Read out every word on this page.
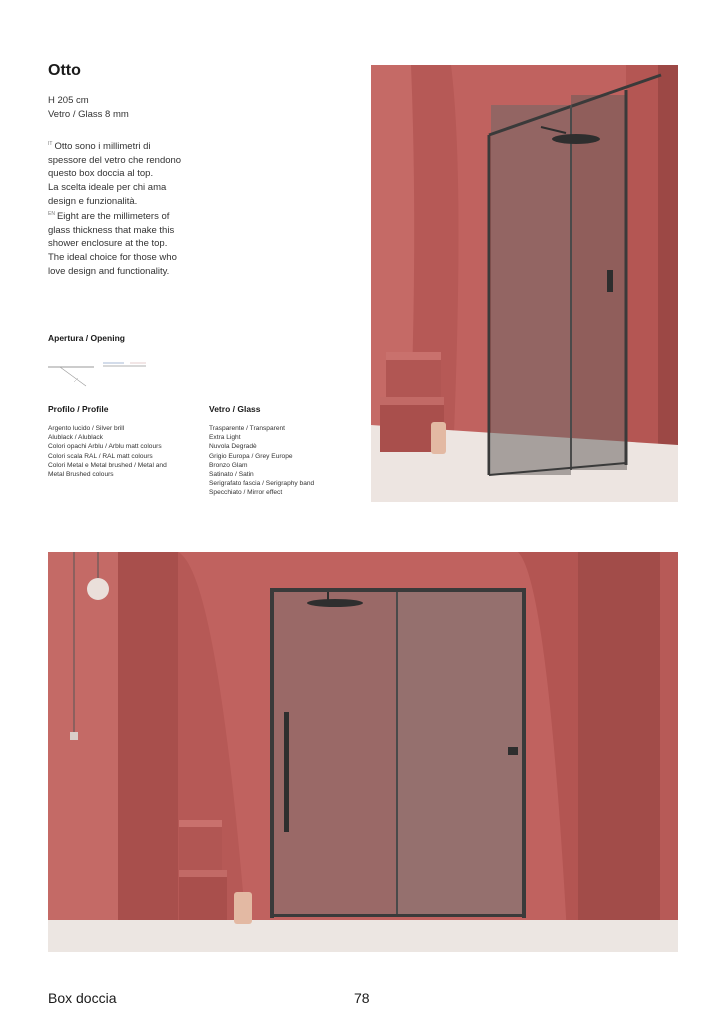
Otto
H 205 cm
Vetro / Glass 8 mm
$^{IT}$ Otto sono i millimetri di
spessore del vetro che rendono
questo box doccia al top.
La scelta ideale per chi ama
design e funzionalità.
$^{EN}$ Eight are the millimeters of
glass thickness that make this
shower enclosure at the top.
The ideal choice for those who
love design and functionality.
Apertura / Opening
Profilo / Profile
Argento lucido / Silver brill
Alublack / Alublack
Colori opachi Arblu / Arblu matt colours
Colori scala RAL / RAL matt colours
Colori Metal e Metal brushed / Metal and
Metal Brushed colours
Vetro / Glass
Trasparente / Transparent
Extra Light
Nuvola Degradè
Grigio Europa / Grey Europe
Bronzo Glam
Satinato / Satin
Serigrafato fascia / Serigraphy band
Specchiato / Mirror effect
Box doccia	78
